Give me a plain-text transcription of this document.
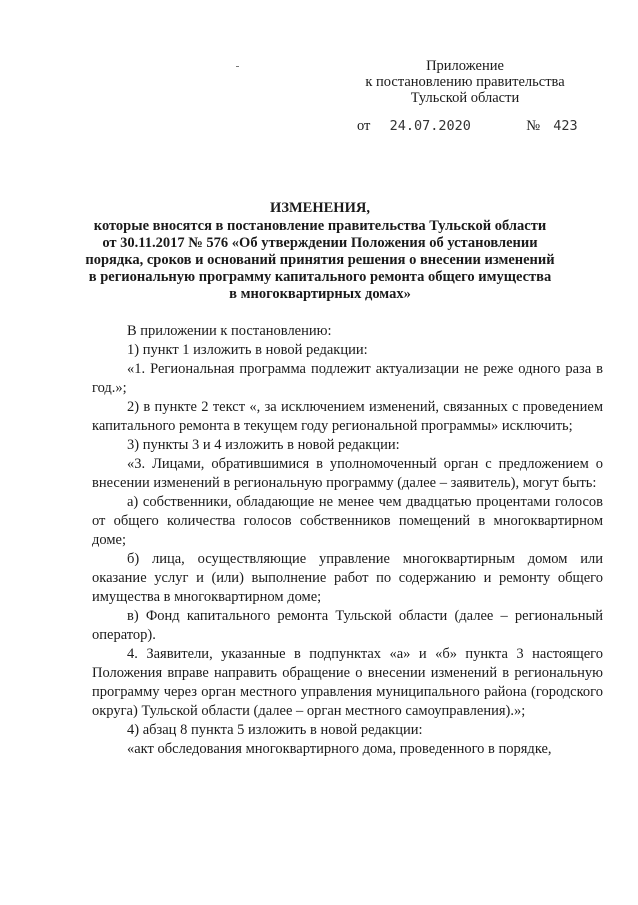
Приложение
к постановлению правительства
Тульской области
от 24.07.2020	№ 423
ИЗМЕНЕНИЯ,
которые вносятся в постановление правительства Тульской области
от 30.11.2017 № 576 «Об утверждении Положения об установлении
порядка, сроков и оснований принятия решения о внесении изменений
в региональную программу капитального ремонта общего имущества
в многоквартирных домах»

В приложении к постановлению:

1) пункт 1 изложить в новой редакции:

«1. Региональная программа подлежит актуализации не реже одного раза в год.»;

2) в пункте 2 текст «, за исключением изменений, связанных с проведением капитального ремонта в текущем году региональной программы» исключить;

3) пункты 3 и 4 изложить в новой редакции:

«3. Лицами, обратившимися в уполномоченный орган с предложением о внесении изменений в региональную программу (далее – заявитель), могут быть:

а) собственники, обладающие не менее чем двадцатью процентами голосов от общего количества голосов собственников помещений в многоквартирном доме;

б) лица, осуществляющие управление многоквартирным домом или оказание услуг и (или) выполнение работ по содержанию и ремонту общего имущества в многоквартирном доме;

в) Фонд капитального ремонта Тульской области (далее – региональный оператор).

4. Заявители, указанные в подпунктах «а» и «б» пункта 3 настоящего Положения вправе направить обращение о внесении изменений в региональную программу через орган местного управления муниципального района (городского округа) Тульской области (далее – орган местного самоуправления).»;

4) абзац 8 пункта 5 изложить в новой редакции:

«акт обследования многоквартирного дома, проведенного в порядке,
